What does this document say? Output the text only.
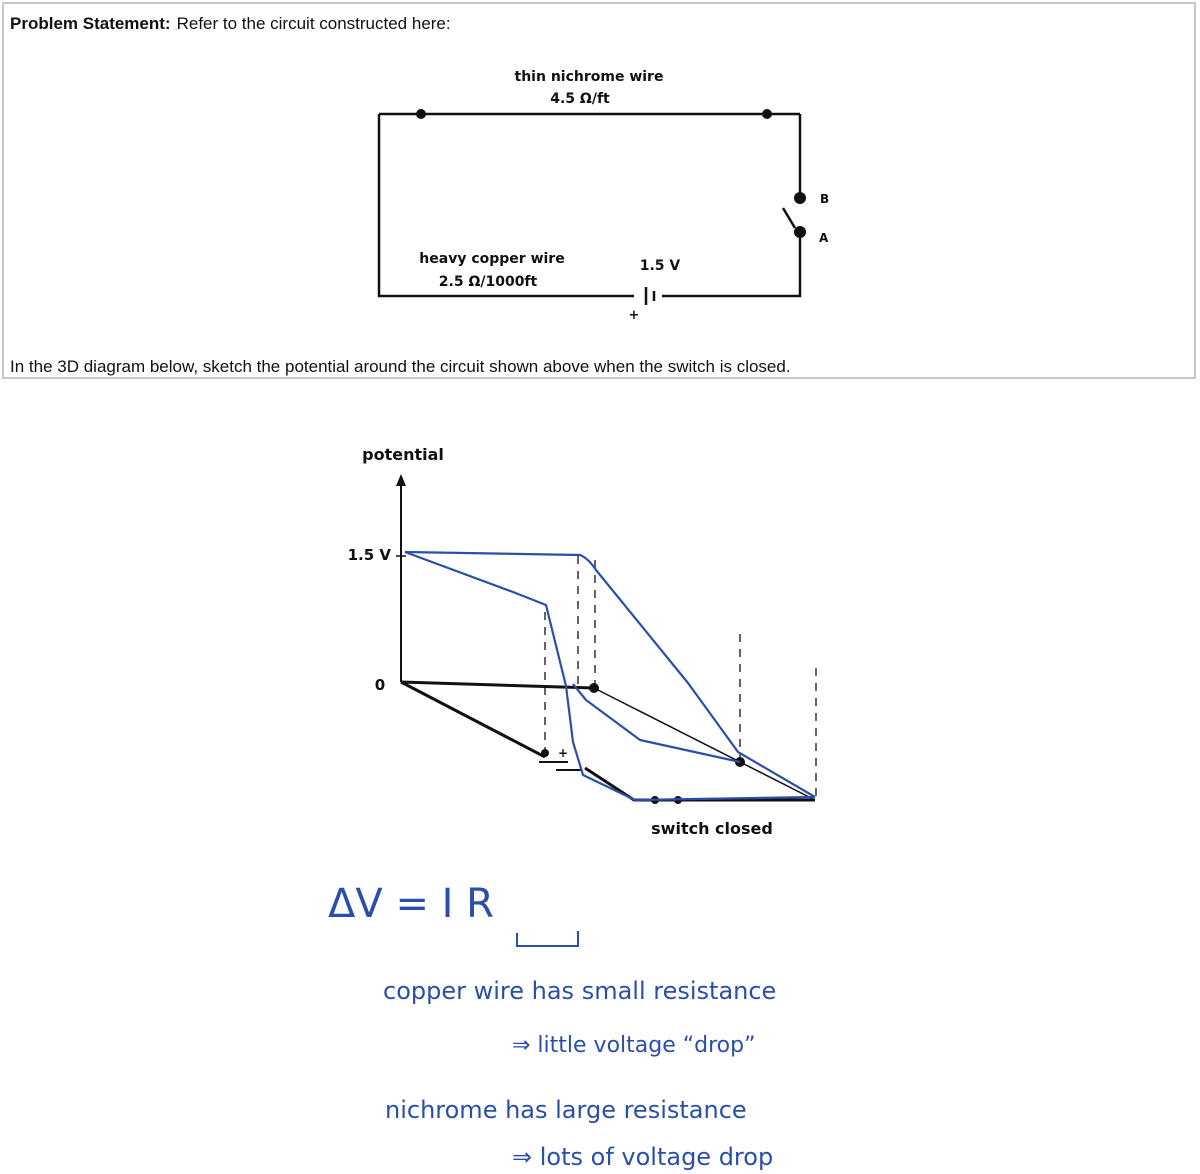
Problem Statement: Refer to the circuit constructed here:
In the 3D diagram below, sketch the potential around the circuit shown above when the switch is closed.
thin nichrome wire
4.5 Ω/ft
heavy copper wire
2.5 Ω/1000ft
1.5 V
+
B
A
potential
1.5 V
0
+
switch closed
ΔV = I R
copper wire has small resistance
⇒ little voltage “drop”
nichrome has large resistance
⇒ lots of voltage drop
